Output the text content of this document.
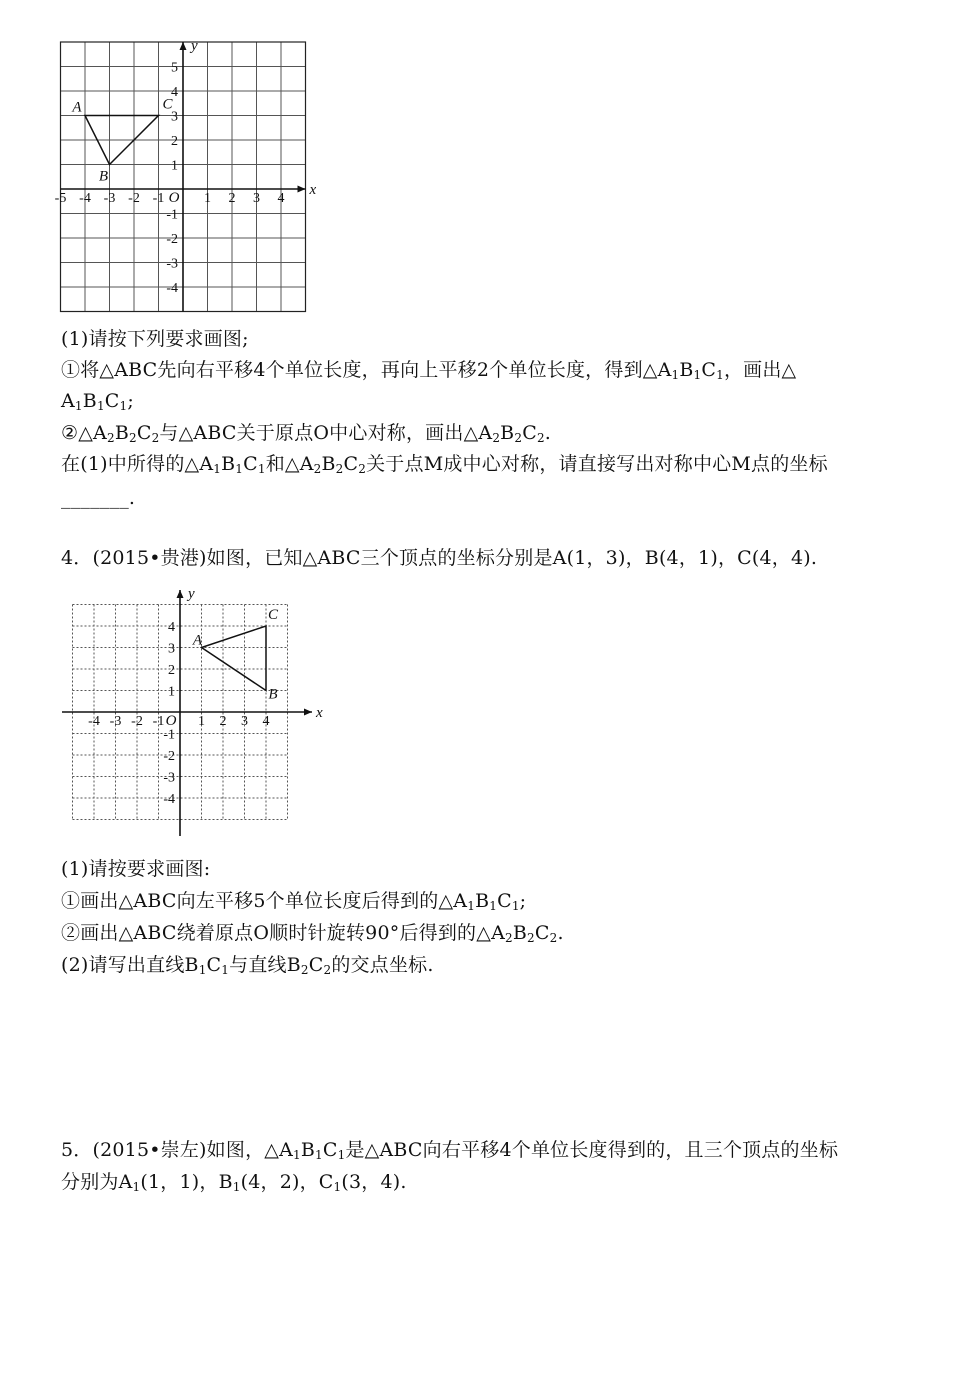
x
y
O
-5 -4 -3 -2 -1	1 2 3 4
5
4
3
2
1
-1
-2
-3
-4
A
B
C
(1)请按下列要求画图;
①将△ABC先向右平移4个单位长度，再向上平移2个单位长度，得到$\triangle A_1B_1C_1$，画出△
$A_1B_1C_1$;
$②\triangle A_2B_2C_2$与△ABC关于原点O中心对称，画出$\triangle A_2B_2C_2$.
在(1)中所得的$\triangle A_1B_1C_1$和$\triangle A_2B_2C_2$关于点M成中心对称，请直接写出对称中心M点的坐标
_______.
4．(2015•贵港)如图，已知△ABC三个顶点的坐标分别是A(1，3)，B(4，1)，C(4，4).
x
y
O
-4 -3 -2 -1 1 2 3 4
4
3
2
1
-1
-2
-3
-4
A
B
C
(1)请按要求画图:
①画出△ABC向左平移5个单位长度后得到的$\triangle A_1B_1C_1$;
②画出△ABC绕着原点O顺时针旋转90°后得到的$\triangle A_2B_2C_2$.
(2)请写出直线$B_1C_1$与直线$B_2C_2$的交点坐标.
5．(2015•崇左)如图，$\triangle A_1B_1C_1$是△ABC向右平移4个单位长度得到的，且三个顶点的坐标
分别为$A_1(1$，1)，$B_1(4$，2)，$C_1(3$，4).
